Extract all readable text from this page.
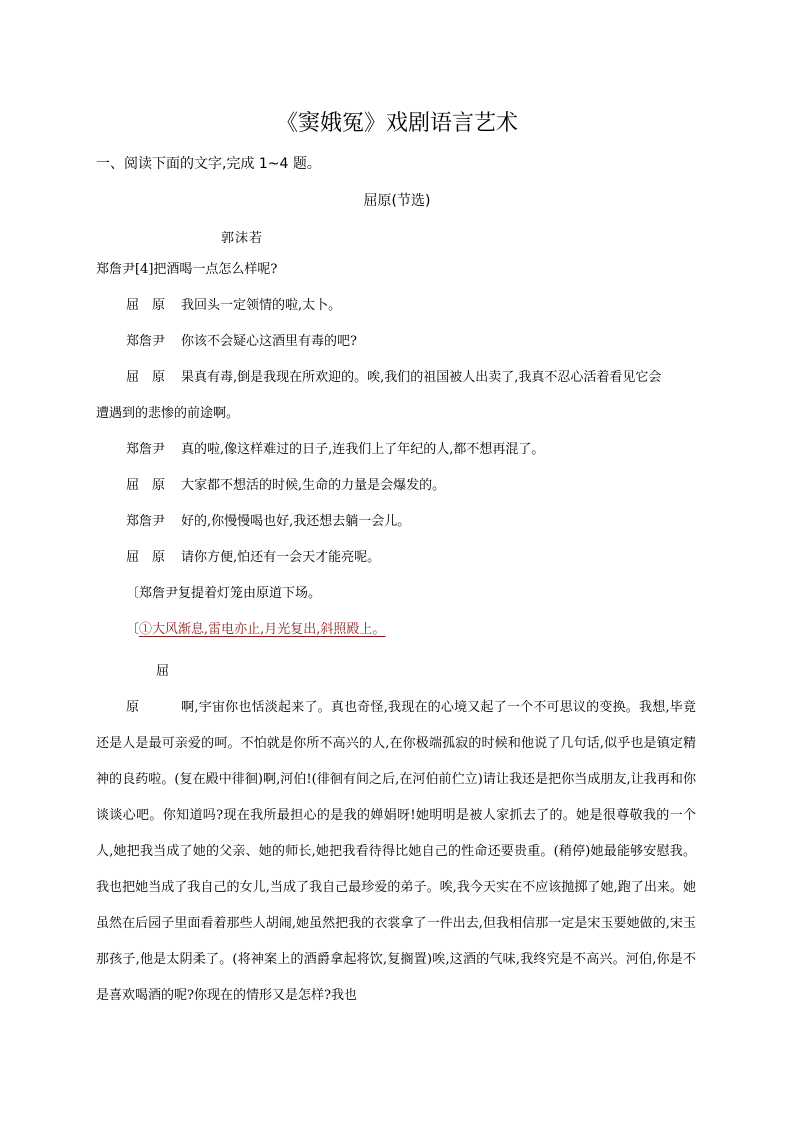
《窦娥冤》戏剧语言艺术
一、阅读下面的文字,完成 1~4 题。
屈原(节选)
郭沫若
郑詹尹[4]把酒喝一点怎么样呢?
屈　原 我回头一定领情的啦,太卜。
郑詹尹 你该不会疑心这酒里有毒的吧?
屈　原 果真有毒,倒是我现在所欢迎的。唉,我们的祖国被人出卖了,我真不忍心活着看见它会
遭遇到的悲惨的前途啊。
郑詹尹 真的啦,像这样难过的日子,连我们上了年纪的人,都不想再混了。
屈　原 大家都不想活的时候,生命的力量是会爆发的。
郑詹尹 好的,你慢慢喝也好,我还想去躺一会儿。
屈　原 请你方便,怕还有一会天才能亮呢。
〔郑詹尹复提着灯笼由原道下场。
〔①大风渐息,雷电亦止,月光复出,斜照殿上。
屈　原	啊,宇宙你也恬淡起来了。真也奇怪,我现在的心境又起了一个不可思议的变换。我想,毕竟还是人是最可亲爱的呵。不怕就是你所不高兴的人,在你极端孤寂的时候和他说了几句话,似乎也是镇定精神的良药啦。(复在殿中徘徊)啊,河伯!(徘徊有间之后,在河伯前伫立)请让我还是把你当成朋友,让我再和你谈谈心吧。你知道吗?现在我所最担心的是我的婵娟呀!她明明是被人家抓去了的。她是很尊敬我的一个人,她把我当成了她的父亲、她的师长,她把我看待得比她自己的性命还要贵重。(稍停)她最能够安慰我。我也把她当成了我自己的女儿,当成了我自己最珍爱的弟子。唉,我今天实在不应该抛掷了她,跑了出来。她虽然在后园子里面看着那些人胡闹,她虽然把我的衣裳拿了一件出去,但我相信那一定是宋玉要她做的,宋玉那孩子,他是太阴柔了。(将神案上的酒爵拿起将饮,复搁置)唉,这酒的气味,我终究是不高兴。河伯,你是不是喜欢喝酒的呢?你现在的情形又是怎样?我也
